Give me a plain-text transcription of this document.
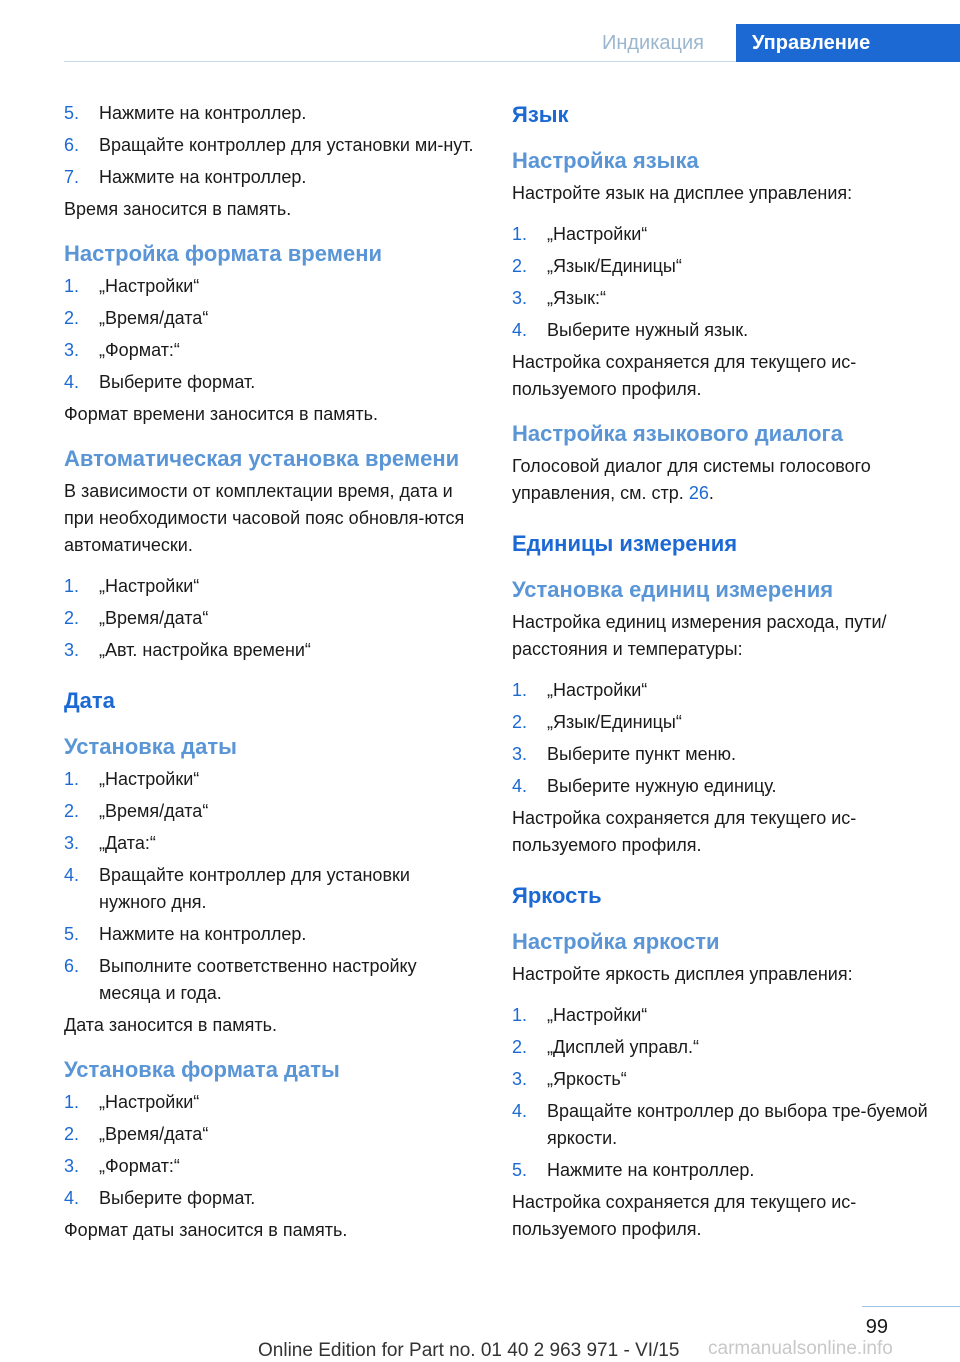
Индикация	Управление
5. Нажмите на контроллер.
6. Вращайте контроллер для установки ми‐нут.
7. Нажмите на контроллер.
Время заносится в память.
Настройка формата времени
1. „Настройки“
2. „Время/дата“
3. „Формат:“
4. Выберите формат.
Формат времени заносится в память.
Автоматическая установка времени
В зависимости от комплектации время, дата и при необходимости часовой пояс обновля‐ются автоматически.
1. „Настройки“
2. „Время/дата“
3. „Авт. настройка времени“
Дата
Установка даты
1. „Настройки“
2. „Время/дата“
3. „Дата:“
4. Вращайте контроллер для установки нужного дня.
5. Нажмите на контроллер.
6. Выполните соответственно настройку месяца и года.
Дата заносится в память.
Установка формата даты
1. „Настройки“
2. „Время/дата“
3. „Формат:“
4. Выберите формат.
Формат даты заносится в память.
Язык
Настройка языка
Настройте язык на дисплее управления:
1. „Настройки“
2. „Язык/Единицы“
3. „Язык:“
4. Выберите нужный язык.
Настройка сохраняется для текущего ис‐пользуемого профиля.
Настройка языкового диалога
Голосовой диалог для системы голосового управления, см. стр. 26.
Единицы измерения
Установка единиц измерения
Настройка единиц измерения расхода, пути/расстояния и температуры:
1. „Настройки“
2. „Язык/Единицы“
3. Выберите пункт меню.
4. Выберите нужную единицу.
Настройка сохраняется для текущего ис‐пользуемого профиля.
Яркость
Настройка яркости
Настройте яркость дисплея управления:
1. „Настройки“
2. „Дисплей управл.“
3. „Яркость“
4. Вращайте контроллер до выбора тре‐буемой яркости.
5. Нажмите на контроллер.
Настройка сохраняется для текущего ис‐пользуемого профиля.
99
Online Edition for Part no. 01 40 2 963 971 - VI/15 carmanualsonline.info
